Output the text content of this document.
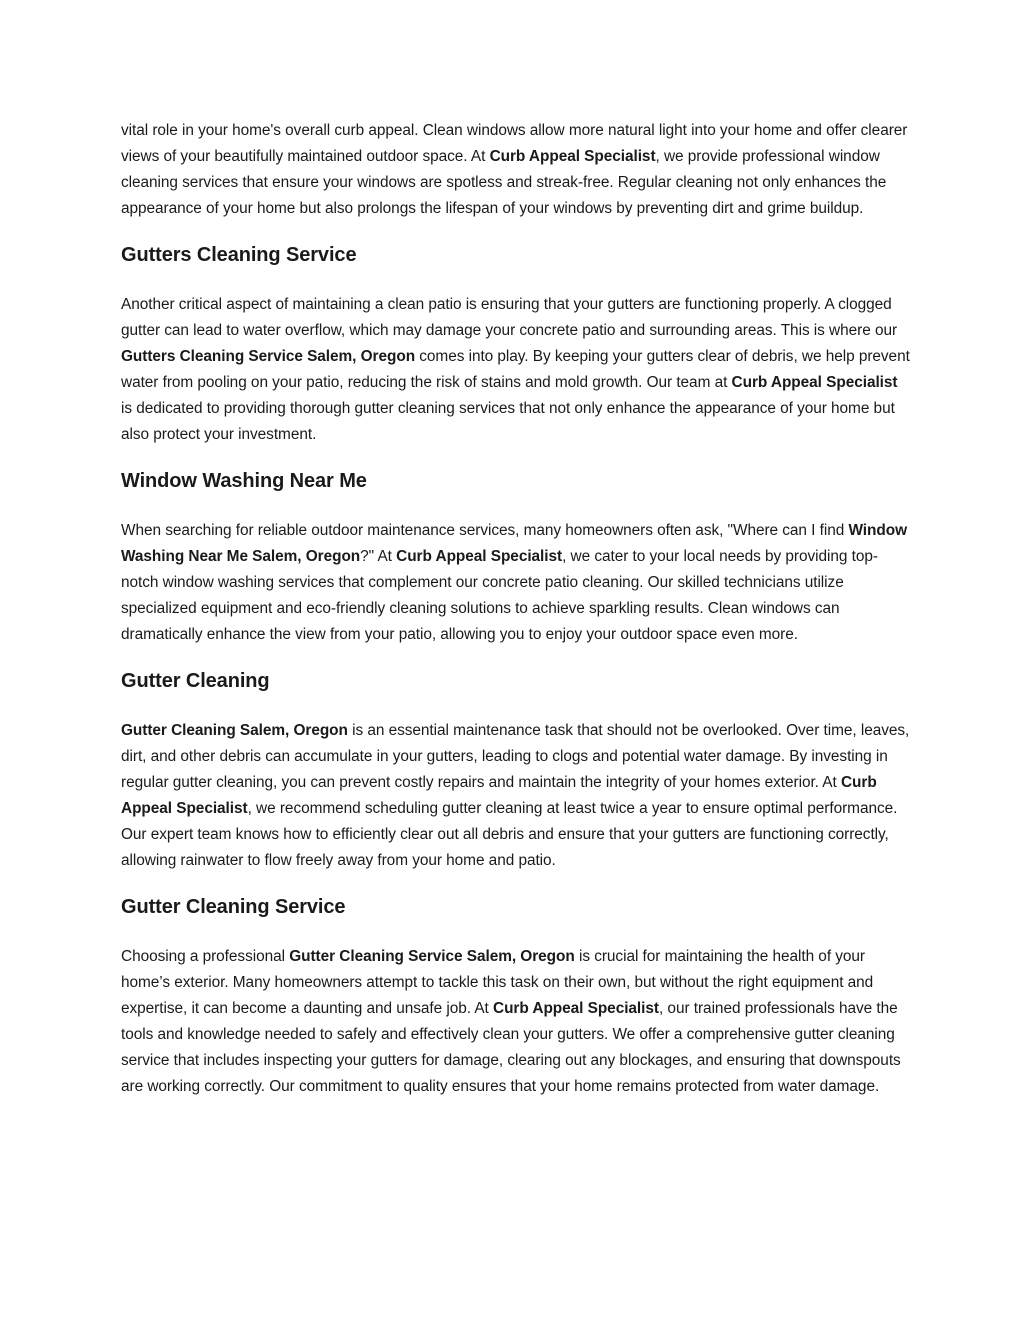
vital role in your home's overall curb appeal. Clean windows allow more natural light into your home and offer clearer views of your beautifully maintained outdoor space. At Curb Appeal Specialist, we provide professional window cleaning services that ensure your windows are spotless and streak-free. Regular cleaning not only enhances the appearance of your home but also prolongs the lifespan of your windows by preventing dirt and grime buildup.

Gutters Cleaning Service

Another critical aspect of maintaining a clean patio is ensuring that your gutters are functioning properly. A clogged gutter can lead to water overflow, which may damage your concrete patio and surrounding areas. This is where our Gutters Cleaning Service Salem, Oregon comes into play. By keeping your gutters clear of debris, we help prevent water from pooling on your patio, reducing the risk of stains and mold growth. Our team at Curb Appeal Specialist is dedicated to providing thorough gutter cleaning services that not only enhance the appearance of your home but also protect your investment.

Window Washing Near Me

When searching for reliable outdoor maintenance services, many homeowners often ask, "Where can I find Window Washing Near Me Salem, Oregon?" At Curb Appeal Specialist, we cater to your local needs by providing top-notch window washing services that complement our concrete patio cleaning. Our skilled technicians utilize specialized equipment and eco-friendly cleaning solutions to achieve sparkling results. Clean windows can dramatically enhance the view from your patio, allowing you to enjoy your outdoor space even more.

Gutter Cleaning

Gutter Cleaning Salem, Oregon is an essential maintenance task that should not be overlooked. Over time, leaves, dirt, and other debris can accumulate in your gutters, leading to clogs and potential water damage. By investing in regular gutter cleaning, you can prevent costly repairs and maintain the integrity of your homes exterior. At Curb Appeal Specialist, we recommend scheduling gutter cleaning at least twice a year to ensure optimal performance. Our expert team knows how to efficiently clear out all debris and ensure that your gutters are functioning correctly, allowing rainwater to flow freely away from your home and patio.

Gutter Cleaning Service

Choosing a professional Gutter Cleaning Service Salem, Oregon is crucial for maintaining the health of your home’s exterior. Many homeowners attempt to tackle this task on their own, but without the right equipment and expertise, it can become a daunting and unsafe job. At Curb Appeal Specialist, our trained professionals have the tools and knowledge needed to safely and effectively clean your gutters. We offer a comprehensive gutter cleaning service that includes inspecting your gutters for damage, clearing out any blockages, and ensuring that downspouts are working correctly. Our commitment to quality ensures that your home remains protected from water damage.
